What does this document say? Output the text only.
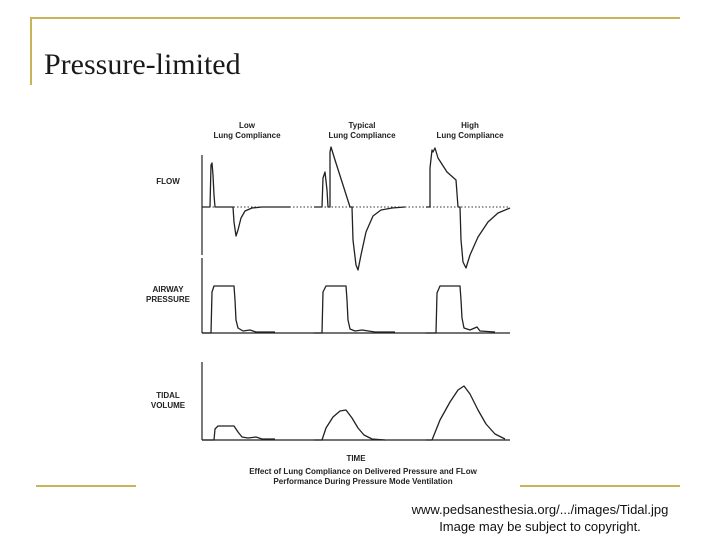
Pressure-limited
Low Lung Compliance
Typical Lung Compliance
High Lung Compliance
FLOW
AIRWAY PRESSURE
TIDAL VOLUME
TIME
Effect of Lung Compliance on Delivered Pressure and FLow
Performance During Pressure Mode Ventilation
www.pedsanesthesia.org/.../images/Tidal.jpg
Image may be subject to copyright.
